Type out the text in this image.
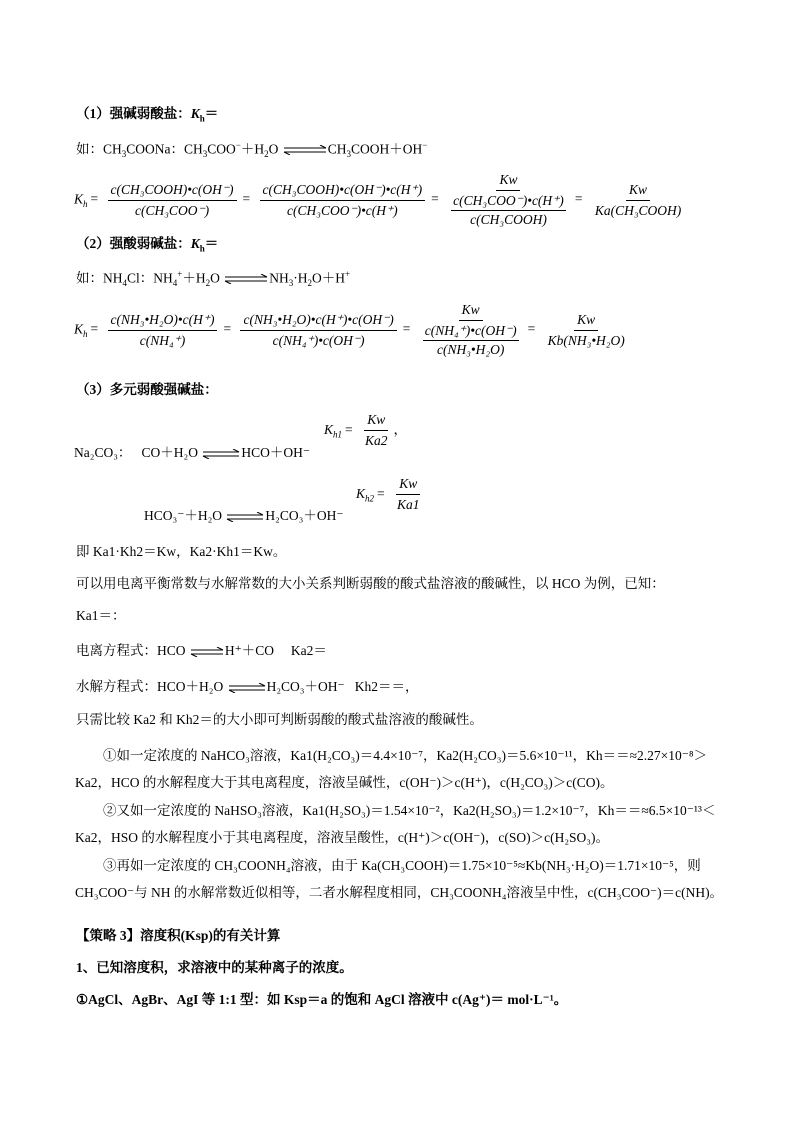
（1）强碱弱酸盐：$K_h=$
如：$CH_3COONa$：$CH_3COO^-+H_2O$ $\rightleftharpoons CH_3COOH+OH^-$
$K_h = \frac{\text{c(CH₃COOH)•c(OH⁻)}}{\text{c(CH₃COO⁻)}} = \frac{\text{c(CH₃COOH)•c(OH⁻)•c(H⁺)}}{\text{c(CH₃COO⁻)•c(H⁺)}} = Kw$
c(CH₃COO⁻)•c(H⁺)
c(CH₃COOH) = $\frac{Kw}{\text{Ka(CH₃COOH)}}$
（2）强酸弱碱盐：$K_h=$
如：$NH_4Cl$：$NH_4^++H_2O$ $\rightleftharpoons NH_3\cdot H_2O+H^+$
$K_h = \frac{\text{c(NH₃•H₂O)•c(H⁺)}}{\text{c(NH₄⁺)}} = \frac{\text{c(NH₃•H₂O)•c(H⁺)•c(OH⁻)}}{\text{c(NH₄⁺)•c(OH⁻)}} = \frac{Kw}{\frac{\text{c(NH₄⁺)•c(OH⁻)}}{\text{c(NH₃•H₂O)}}} = \frac{Kw}{\text{Kb(NH₃•H₂O)}}$
（3）多元弱酸强碱盐：
$K_{h1} = \frac{Kw}{Ka2}$ ，
Na₂CO₃： CO＋H₂O ⇌HCO＋OH⁻
$K_{h2} = \frac{Kw}{Ka1}$
HCO₃⁻＋H₂O ⇌H₂CO₃＋OH⁻
即 Ka1·Kh2＝Kw，Ka2·Kh1＝Kw。
可以用电离平衡常数与水解常数的大小关系判断弱酸的酸式盐溶液的酸碱性，以 HCO 为例，已知：
Ka1＝：
电离方程式：HCO ⇌H⁺＋CO Ka2＝
水解方程式：HCO＋H₂O ⇌H₂CO₃＋OH⁻ Kh2＝＝，
只需比较 Ka2 和 Kh2＝的大小即可判断弱酸的酸式盐溶液的酸碱性。
①如一定浓度的 NaHCO₃溶液，Ka1(H₂CO₃)＝4.4×10⁻⁷，Ka2(H₂CO₃)＝5.6×10⁻¹¹，Kh＝＝≈2.27×10⁻⁸＞Ka2，HCO 的水解程度大于其电离程度，溶液呈碱性，c(OH⁻)＞c(H⁺)，c(H₂CO₃)＞c(CO)。
②又如一定浓度的 NaHSO₃溶液，Ka1(H₂SO₃)＝1.54×10⁻²，Ka2(H₂SO₃)＝1.2×10⁻⁷，Kh＝＝≈6.5×10⁻¹³＜Ka2，HSO 的水解程度小于其电离程度，溶液呈酸性，c(H⁺)＞c(OH⁻)，c(SO)＞c(H₂SO₃)。
③再如一定浓度的 CH₃COONH₄溶液，由于 Ka(CH₃COOH)＝1.75×10⁻⁵≈Kb(NH₃·H₂O)＝1.71×10⁻⁵，则 CH₃COO⁻与 NH 的水解常数近似相等，二者水解程度相同，CH₃COONH₄溶液呈中性，c(CH₃COO⁻)＝c(NH)。
【策略 3】溶度积(Ksp)的有关计算
1、已知溶度积，求溶液中的某种离子的浓度。
①AgCl、AgBr、AgI 等 1:1 型：如 Ksp＝a 的饱和 AgCl 溶液中 c(Ag⁺)＝ mol·L⁻¹。
